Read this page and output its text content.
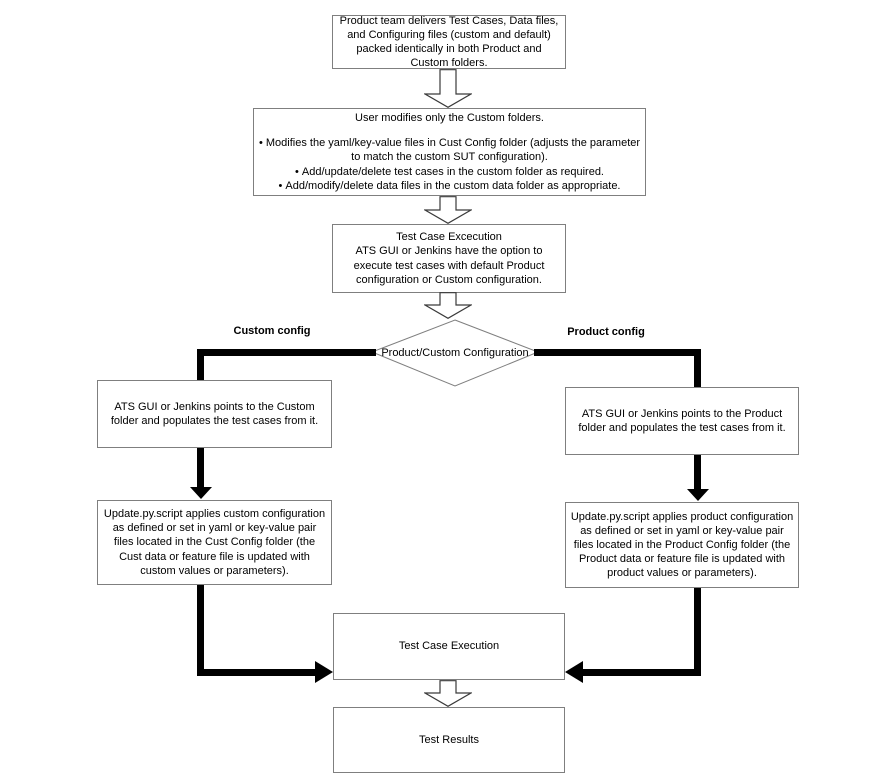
Product team delivers Test Cases, Data files, and Configuring files (custom and default) packed identically in both Product and Custom folders.
User modifies only the Custom folders.
• Modifies the yaml/key-value files in Cust Config folder (adjusts the parameter to match the custom SUT configuration).
• Add/update/delete test cases in the custom folder as required.
• Add/modify/delete data files in the custom data folder as appropriate.
Test Case Excecution
ATS GUI or Jenkins have the option to execute test cases with default Product configuration or Custom configuration.
Product/Custom Configuration
Custom config	Product config
ATS GUI or Jenkins points to the Custom folder and populates the test cases from it.
Update.py.script applies custom configuration as defined or set in yaml or key-value pair files located in the Cust Config folder (the Cust data or feature file is updated with custom values or parameters).
ATS GUI or Jenkins points to the Product folder and populates the test cases from it.
Update.py.script applies product configuration as defined or set in yaml or key-value pair files located in the Product Config folder (the Product data or feature file is updated with product values or parameters).
Test Case Execution
Test Results
